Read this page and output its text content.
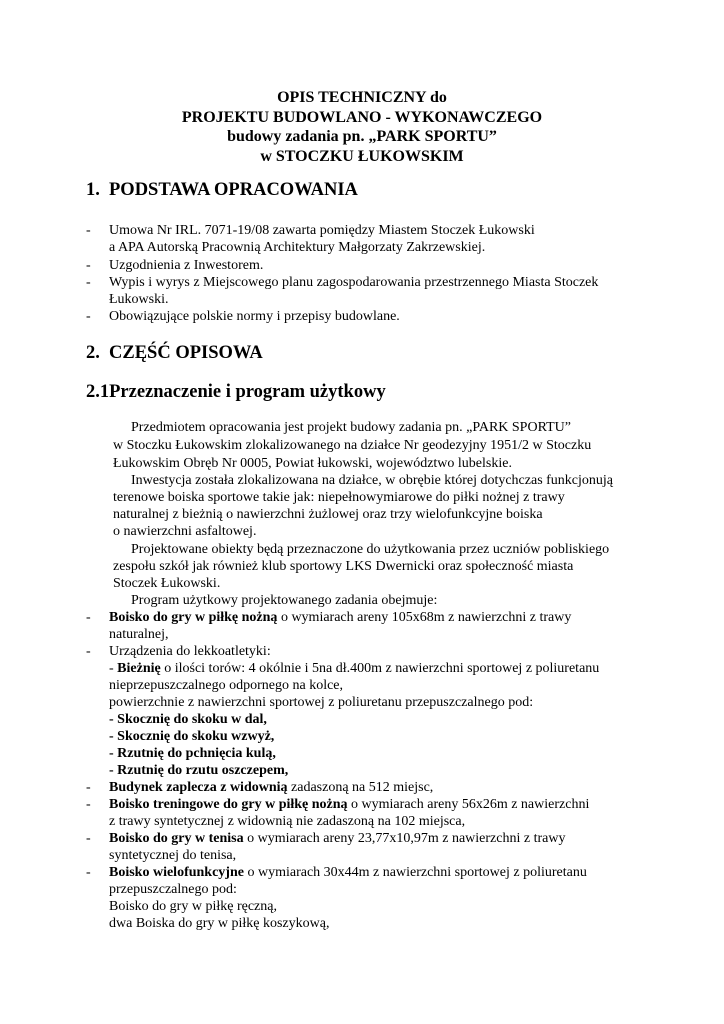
OPIS TECHNICZNY do
PROJEKTU BUDOWLANO - WYKONAWCZEGO
budowy zadania pn. „PARK SPORTU”
w STOCZKU ŁUKOWSKIM
1. PODSTAWA OPRACOWANIA
- Umowa Nr IRL. 7071-19/08 zawarta pomiędzy Miastem Stoczek Łukowski
a APA Autorską Pracownią Architektury Małgorzaty Zakrzewskiej.
- Uzgodnienia z Inwestorem.
- Wypis i wyrys z Miejscowego planu zagospodarowania przestrzennego Miasta Stoczek
Łukowski.
- Obowiązujące polskie normy i przepisy budowlane.
2. CZĘŚĆ OPISOWA
2.1Przeznaczenie i program użytkowy
Przedmiotem opracowania jest projekt budowy zadania pn. „PARK SPORTU”
w Stoczku Łukowskim zlokalizowanego na działce Nr geodezyjny 1951/2 w Stoczku
Łukowskim Obręb Nr 0005, Powiat łukowski, województwo lubelskie.
Inwestycja została zlokalizowana na działce, w obrębie której dotychczas funkcjonują
terenowe boiska sportowe takie jak: niepełnowymiarowe do piłki nożnej z trawy
naturalnej z bieżnią o nawierzchni żużlowej oraz trzy wielofunkcyjne boiska
o nawierzchni asfaltowej.
Projektowane obiekty będą przeznaczone do użytkowania przez uczniów pobliskiego
zespołu szkół jak również klub sportowy LKS Dwernicki oraz społeczność miasta
Stoczek Łukowski.
Program użytkowy projektowanego zadania obejmuje:
- Boisko do gry w piłkę nożną o wymiarach areny 105x68m z nawierzchni z trawy
naturalnej,
- Urządzenia do lekkoatletyki:
- Bieżnię o ilości torów: 4 okólnie i 5na dł.400m z nawierzchni sportowej z poliuretanu
nieprzepuszczalnego odpornego na kolce,
powierzchnie z nawierzchni sportowej z poliuretanu przepuszczalnego pod:
- Skocznię do skoku w dal,
- Skocznię do skoku wzwyż,
- Rzutnię do pchnięcia kulą,
- Rzutnię do rzutu oszczepem,
- Budynek zaplecza z widownią zadaszoną na 512 miejsc,
- Boisko treningowe do gry w piłkę nożną o wymiarach areny 56x26m z nawierzchni
z trawy syntetycznej z widownią nie zadaszoną na 102 miejsca,
- Boisko do gry w tenisa o wymiarach areny 23,77x10,97m z nawierzchni z trawy
syntetycznej do tenisa,
- Boisko wielofunkcyjne o wymiarach 30x44m z nawierzchni sportowej z poliuretanu
przepuszczalnego pod:
Boisko do gry w piłkę ręczną,
dwa Boiska do gry w piłkę koszykową,
